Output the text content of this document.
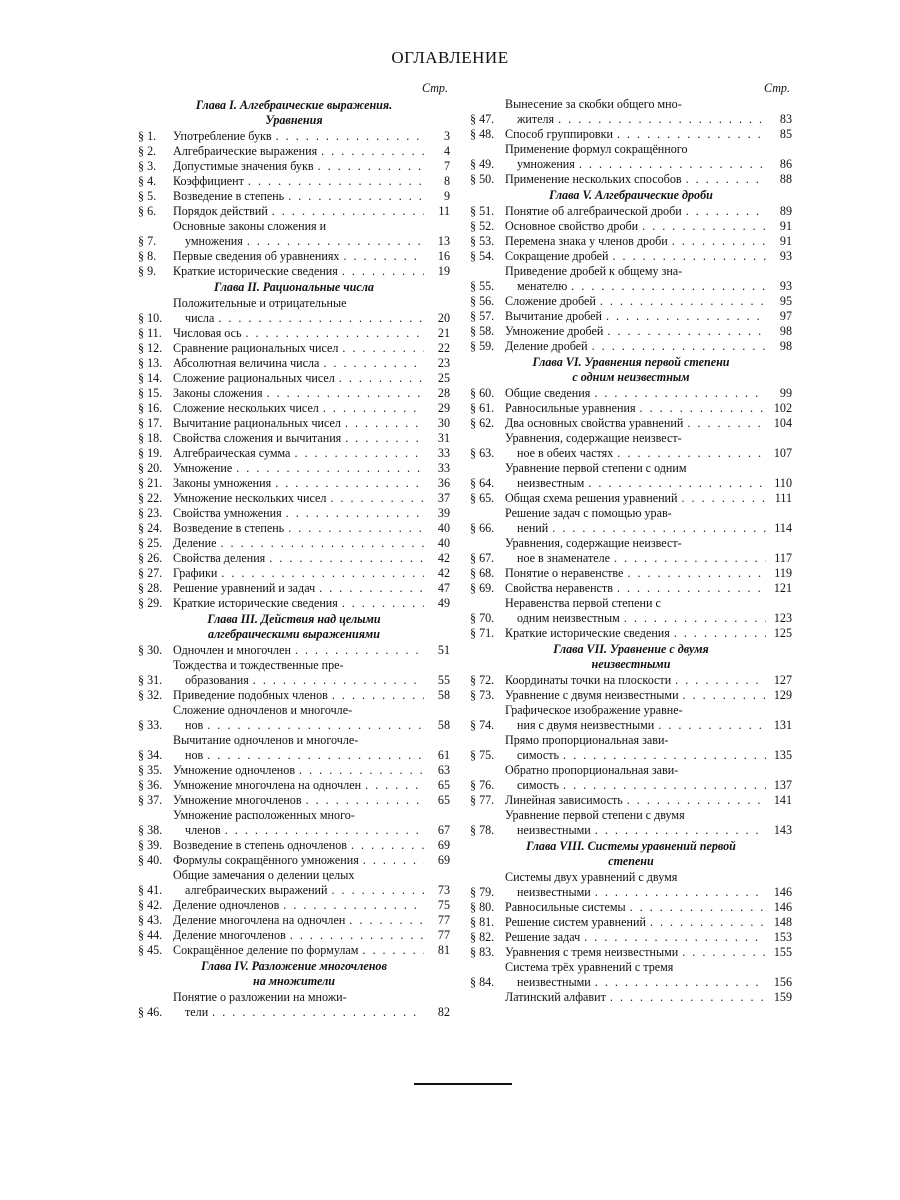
ОГЛАВЛЕНИЕ
Стр.
Глава I. Алгебраические выражения.
Уравнения
§ 1.	Употребление букв . . .	3
§ 2.	Алгебраические выражения . . .	4
§ 3.	Допустимые значения букв . . .	7
§ 4.	Коэффициент . . .	8
§ 5.	Возведение в степень . . .	9
§ 6.	Порядок действий . . .	11
§ 7.
Основные законы сложения и
умножения . . .	13
§ 8.	Первые сведения об уравнениях . . .	16
§ 9.	Краткие исторические сведения . . .	19
Глава II. Рациональные числа
§ 10.
Положительные и отрицательные
числа . . .	20
§ 11. Числовая ось . . .	21
§ 12. Сравнение рациональных чисел . . .	22
§ 13. Абсолютная величина числа . . .	23
§ 14. Сложение рациональных чисел . . .	25
§ 15. Законы сложения . . .	28
§ 16. Сложение нескольких чисел . . .	29
§ 17. Вычитание рациональных чисел . . .	30
§ 18. Свойства сложения и вычитания . . .	31
§ 19. Алгебраическая сумма . . .	33
§ 20. Умножение . . .	33
§ 21. Законы умножения . . .	36
§ 22. Умножение нескольких чисел . . .	37
§ 23. Свойства умножения . . .	39
§ 24. Возведение в степень . . .	40
§ 25. Деление . . .	40
§ 26. Свойства деления . . .	42
§ 27. Графики . . .	42
§ 28. Решение уравнений и задач . . .	47
§ 29. Краткие исторические сведения . . .	49
Глава III. Действия над целыми
алгебраическими выражениями
§ 30. Одночлен и многочлен . . .	51
§ 31.
Тождества и тождественные пре-
образования . . .	55
§ 32. Приведение подобных членов . . .	58
§ 33.
Сложение одночленов и многочле-
нов . . .	58
§ 34.
Вычитание одночленов и многочле-
нов . . .	61
§ 35. Умножение одночленов . . .	63
§ 36. Умножение многочлена на одночлен . . .	65
§ 37. Умножение многочленов . . .	65
§ 38.
Умножение расположенных много-
членов . . .	67
§ 39. Возведение в степень одночленов . . .	69
§ 40. Формулы сокращённого умножения . . .	69
§ 41.
Общие замечания о делении целых
алгебраических выражений . . .	73
§ 42. Деление одночленов . . .	75
§ 43. Деление многочлена на одночлен . . .	77
§ 44. Деление многочленов . . .	77
§ 45. Сокращённое деление по формулам . . .	81
Глава IV. Разложение многочленов
на множители
§ 46.
Понятие о разложении на множи-
тели . . .	82
Стр.
§ 47.
Вынесение за скобки общего мно-
жителя . . .	83
§ 48. Способ группировки . . .	85
§ 49.
Применение формул сокращённого
умножения . . .	86
§ 50. Применение нескольких способов . . .	88
Глава V. Алгебраические дроби
§ 51. Понятие об алгебраической дроби . . .	89
§ 52. Основное свойство дроби . . .	91
§ 53. Перемена знака у членов дроби . . .	91
§ 54. Сокращение дробей . . .	93
§ 55.
Приведение дробей к общему зна-
менателю . . .	93
§ 56. Сложение дробей . . .	95
§ 57. Вычитание дробей . . .	97
§ 58. Умножение дробей . . .	98
§ 59. Деление дробей . . .	98
Глава VI. Уравнения первой степени
с одним неизвестным
§ 60. Общие сведения . . .	99
§ 61. Равносильные уравнения . . .	102
§ 62. Два основных свойства уравнений . . .	104
§ 63.
Уравнения, содержащие неизвест-
ное в обеих частях . . .	107
§ 64.
Уравнение первой степени с одним
неизвестным . . .	110
§ 65. Общая схема решения уравнений . . .	111
§ 66.
Решение задач с помощью урав-
нений . . .	114
§ 67.
Уравнения, содержащие неизвест-
ное в знаменателе . . .	117
§ 68. Понятие о неравенстве . . .	119
§ 69. Свойства неравенств . . .	121
§ 70.
Неравенства первой степени с
одним неизвестным . . .	123
§ 71. Краткие исторические сведения . . .	125
Глава VII. Уравнение с двумя
неизвестными
§ 72. Координаты точки на плоскости . . .	127
§ 73. Уравнение с двумя неизвестными . . .	129
§ 74.
Графическое изображение уравне-
ния с двумя неизвестными . . .	131
§ 75.
Прямо пропорциональная зави-
симость . . .	135
§ 76.
Обратно пропорциональная зави-
симость . . .	137
§ 77. Линейная зависимость . . .	141
§ 78.
Уравнение первой степени с двумя
неизвестными . . .	143
Глава VIII. Системы уравнений первой
степени
§ 79.
Системы двух уравнений с двумя
неизвестными . . .	146
§ 80. Равносильные системы . . .	146
§ 81. Решение систем уравнений . . .	148
§ 82. Решение задач . . .	153
§ 83. Уравнения с тремя неизвестными . . .	155
§ 84.
Система трёх уравнений с тремя
неизвестными . . .	156
Латинский алфавит . . .	159
